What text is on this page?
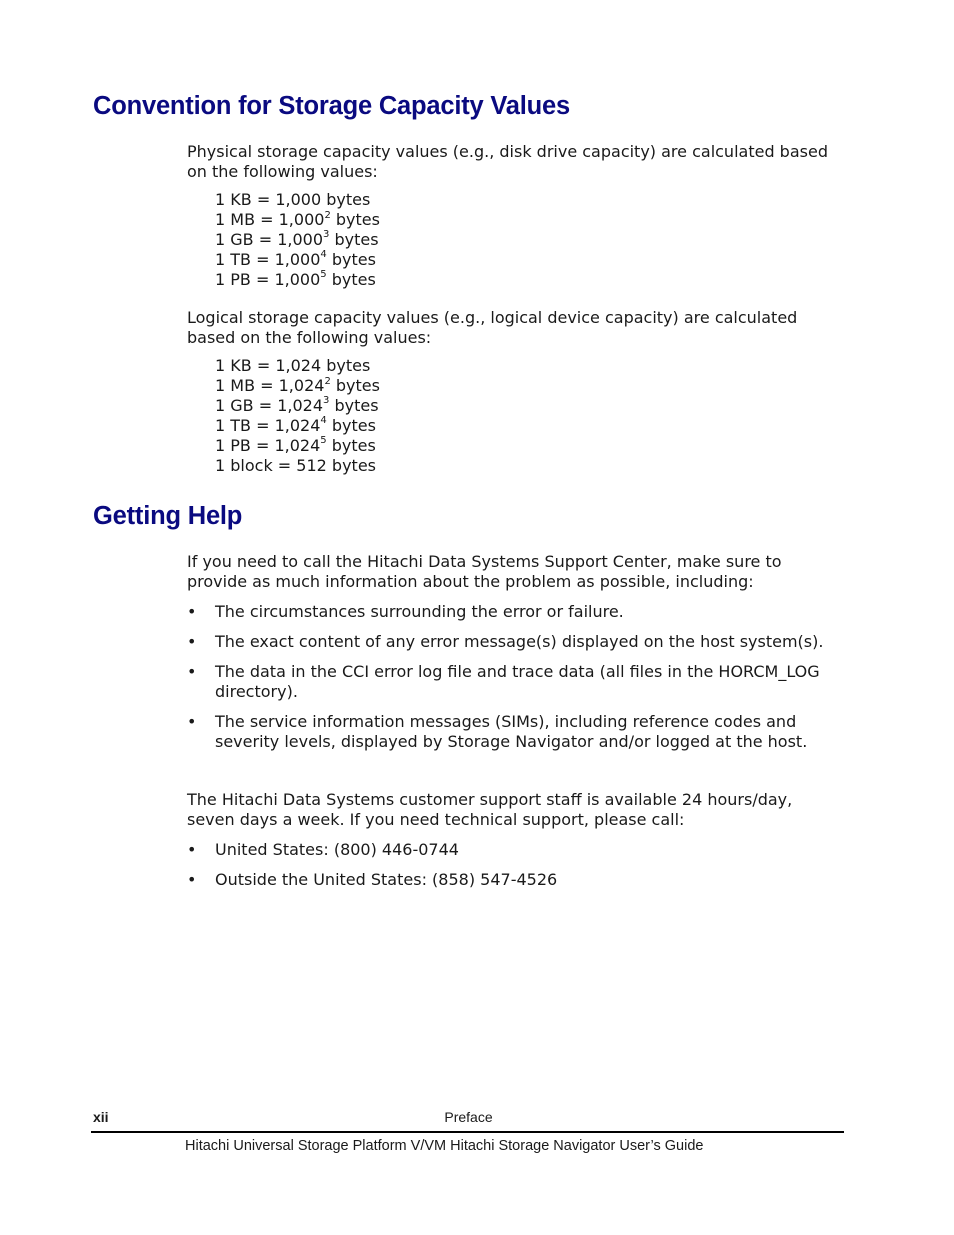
Convention for Storage Capacity Values

Physical storage capacity values (e.g., disk drive capacity) are calculated based on the following values:

1 KB = 1,000 bytes
1 MB = $1,000^2$ bytes
1 GB = $1,000^3$ bytes
1 TB = $1,000^4$ bytes
1 PB = $1,000^5$ bytes

Logical storage capacity values (e.g., logical device capacity) are calculated based on the following values:

1 KB = 1,024 bytes
1 MB = $1,024^2$ bytes
1 GB = $1,024^3$ bytes
1 TB = $1,024^4$ bytes
1 PB = $1,024^5$ bytes
1 block = 512 bytes
Getting Help

If you need to call the Hitachi Data Systems Support Center, make sure to provide as much information about the problem as possible, including:

• The circumstances surrounding the error or failure.
• The exact content of any error message(s) displayed on the host system(s).
• The data in the CCI error log file and trace data (all files in the HORCM_LOG directory).
• The service information messages (SIMs), including reference codes and severity levels, displayed by Storage Navigator and/or logged at the host.

The Hitachi Data Systems customer support staff is available 24 hours/day, seven days a week. If you need technical support, please call:

• United States: (800) 446-0744
• Outside the United States: (858) 547-4526
xii	Preface
Hitachi Universal Storage Platform V/VM Hitachi Storage Navigator User’s Guide
